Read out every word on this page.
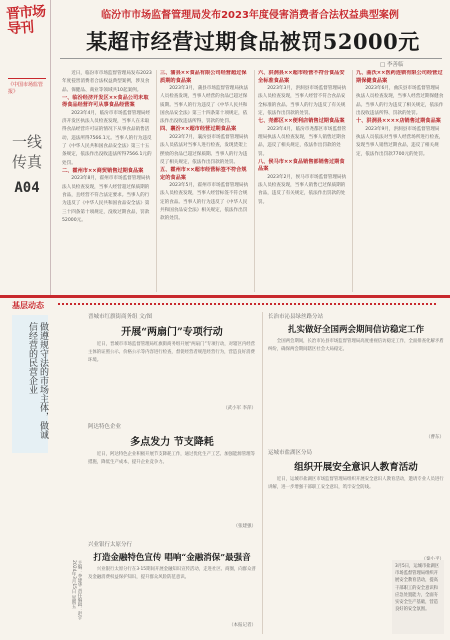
晋市场导刊
《中国市场监管报》
一线传真
A04
临汾市市场监督管理局发布2023年度侵害消费者合法权益典型案例
某超市经营过期食品被罚52000元
□ 李善临

近日，临汾市市场监督管理局发布2023年度侵害消费者合法权益典型案例，涉及食品、保健品、商业等领域共10起案例。

一、临汾经济开发区××食品公司未取得食品经营许可从事食品经营案

2023年4月，临汾市市场监督管理局经济开发区执法人员检查发现，当事人在未取得食品经营许可证的情况下从事食品销售活动，违法所得7566.1元。当事人的行为违反了《中华人民共和国食品安全法》第三十五条规定，依法作出没收违法所得7566.1元的处罚。

二、霍州市××商贸销售过期食品案

2023年8月，霍州市市场监督管理局执法人员检查发现，当事人经营超过保质期的食品，且经营不符合法定要求。当事人的行为违反了《中华人民共和国食品安全法》第三十四条第十项规定，没收过期食品，罚款52000元。

三、蒲县××食品有限公司经营超过保质期的食品案

2023年3月，蒲县市场监督管理局执法人员检查发现，当事人经营的食品已超过保质期。当事人的行为违反了《中华人民共和国食品安全法》第三十四条第十项规定，依法作出没收违法所得，罚款的处罚。

四、襄汾××超市经营过期食品案

2023年7月，襄汾县市场监督管理局执法人员依法对当事人进行检查，发现货架上摆放的食品已超过保质期。当事人的行为违反了相关规定，依法作出罚款的处罚。

五、霍州市××超市经营标签不符合规定的食品案

2023年5月，霍州市市场监督管理局执法人员检查发现，当事人经营标签不符合规定的食品。当事人的行为违反了《中华人民共和国食品安全法》相关规定，依法作出罚款的处罚。

六、洪洞县××超市经营不符合食品安全标准食品案

2023年3月，洪洞县市场监督管理局执法人员检查发现，当事人经营不符合食品安全标准的食品。当事人的行为违反了有关规定，依法作出罚款的处罚。

七、尧都区××便利店销售过期食品案

2023年4月，临汾市尧都区市场监督管理局执法人员检查发现，当事人销售过期食品，违反了相关规定，依法作出罚款的处罚。

八、侯马市××食品销售部销售过期食品案

2023年2月，侯马市市场监督管理局执法人员检查发现，当事人销售已过保质期的食品，违反了有关规定，依法作出罚款的处罚。

九、曲沃××医药连锁有限公司经营过期保健食品案

2023年6月，曲沃县市场监督管理局执法人员检查发现，当事人经营过期保健食品。当事人的行为违反了相关规定，依法作出没收违法所得、罚款的处罚。

十、洪洞县××××店销售过期食品案

2023年9月，洪洞县市场监督管理局执法人员依法对当事人经营场所进行检查，发现当事人销售过期食品，违反了相关规定，依法作出罚款7700元的处罚。

基层动态
做遵规守法的市场主体，做诚信经营的民营企业
主编：李建华 责任编辑：赵宇 2024年3月15日 星期五
晋城市红旗街商务组 文/图
开展“两扇门”专项行动

近日，晋城市市场监督管理局红旗街商务组开展“两扇门”专项行动，对辖区内经营主体的证照公示、价格公示等内容进行检查，督促经营者规范经营行为，营造良好消费环境。

（武小军 李萍）
阿达特色企业
多点发力 节支降耗

近日，阿达特色企业积极开展节支降耗工作，通过优化生产工艺、加强能源管理等措施，降低生产成本，提升企业竞争力。

（张建强）
兴业银行太原分行
打造金融特色宣传 唱响“金融消保”最强音

兴业银行太原分行在3·15期间开展金融知识宣传活动，走进社区、商圈，向群众普及金融消费权益保护知识，提升群众风险防范意识。

（本报记者）
长治市沁县绿丝路分站
扎实做好全国两会期间信访稳定工作

全国两会期间，长治市沁县市场监督管理局高度重视信访稳定工作，全面排查化解矛盾纠纷，确保两会期间辖区社会大局稳定。

（曹东）
运城市盐湖区分局
组织开展安全意识人教育活动

近日，运城市盐湖区市场监督管理局组织开展安全意识人教育活动，邀请专业人员进行讲解，进一步增强干部职工安全意识，筑牢安全防线。

3月5日，运城市盐湖区市场监督管理局组织开展安全教育活动，提高干部职工的安全意识和应急处置能力，全面夯实安全生产基础，营造良好的安全氛围。
